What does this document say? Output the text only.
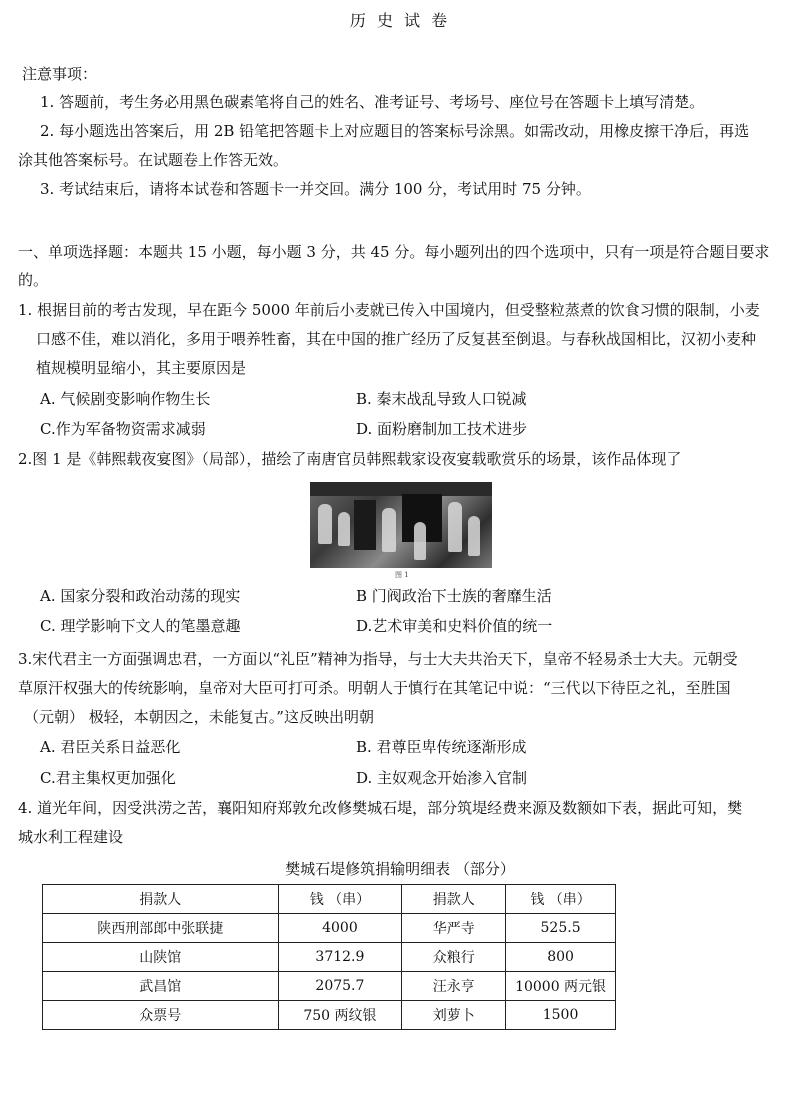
历 史 试 卷
注意事项：
1. 答题前，考生务必用黑色碳素笔将自己的姓名、准考证号、考场号、座位号在答题卡上填写清楚。
2. 每小题选出答案后，用 2B 铅笔把答题卡上对应题目的答案标号涂黑。如需改动，用橡皮擦干净后，再选
涂其他答案标号。在试题卷上作答无效。
3. 考试结束后，请将本试卷和答题卡一并交回。满分 100 分，考试用时 75 分钟。
一、单项选择题：本题共 15 小题，每小题 3 分，共 45 分。每小题列出的四个选项中，只有一项是符合题目要求
的。
1. 根据目前的考古发现，早在距今 5000 年前后小麦就已传入中国境内，但受整粒蒸煮的饮食习惯的限制，小麦
口感不佳，难以消化，多用于喂养牲畜，其在中国的推广经历了反复甚至倒退。与春秋战国相比，汉初小麦种
植规模明显缩小，其主要原因是
A. 气候剧变影响作物生长	B. 秦末战乱导致人口锐减
C.作为军备物资需求减弱	D. 面粉磨制加工技术进步
2.图 1 是《韩熙载夜宴图》（局部），描绘了南唐官员韩熙载家设夜宴载歌赏乐的场景，该作品体现了
图 1
A. 国家分裂和政治动荡的现实	B 门阀政治下士族的奢靡生活
C. 理学影响下文人的笔墨意趣	D.艺术审美和史料价值的统一
3.宋代君主一方面强调忠君，一方面以“礼臣”精神为指导，与士大夫共治天下，皇帝不轻易杀士大夫。元朝受
草原汗权强大的传统影响，皇帝对大臣可打可杀。明朝人于慎行在其笔记中说：“三代以下待臣之礼，至胜国
（元朝） 极轻，本朝因之，未能复古。”这反映出明朝
A. 君臣关系日益恶化	B. 君尊臣卑传统逐渐形成
C.君主集权更加强化	D. 主奴观念开始渗入官制
4. 道光年间，因受洪涝之苦，襄阳知府郑敦允改修樊城石堤，部分筑堤经费来源及数额如下表，据此可知，樊
城水利工程建设
樊城石堤修筑捐输明细表 （部分）
捐款人	钱 （串）	捐款人	钱 （串）
陕西刑部郎中张联捷	4000	华严寺	525.5
山陕馆	3712.9	众粮行	800
武昌馆	2075.7	汪永亨	10000 两元银
众票号	750 两纹银	刘萝卜	1500
